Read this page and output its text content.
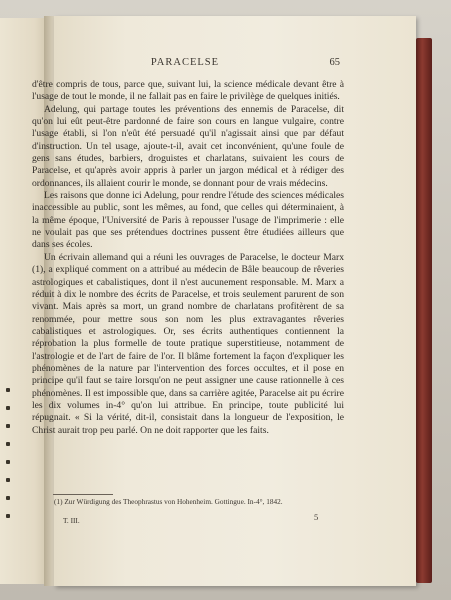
PARACELSE	65

d'être compris de tous, parce que, suivant lui, la science médicale devant être à l'usage de tout le monde, il ne fallait pas en faire le privilège de quelques initiés.

Adelung, qui partage toutes les préventions des ennemis de Paracelse, dit qu'on lui eût peut-être pardonné de faire son cours en langue vulgaire, contre l'usage établi, si l'on n'eût été persuadé qu'il n'agissait ainsi que par défaut d'instruction. Un tel usage, ajoute-t-il, avait cet inconvénient, qu'une foule de gens sans études, barbiers, droguistes et charlatans, suivaient les cours de Paracelse, et qu'après avoir appris à parler un jargon médical et à rédiger des ordonnances, ils allaient courir le monde, se donnant pour de vrais médecins.

Les raisons que donne ici Adelung, pour rendre l'étude des sciences médicales inaccessible au public, sont les mêmes, au fond, que celles qui déterminaient, à la même époque, l'Université de Paris à repousser l'usage de l'imprimerie : elle ne voulait pas que ses prétendues doctrines pussent être étudiées ailleurs que dans ses écoles.

Un écrivain allemand qui a réuni les ouvrages de Paracelse, le docteur Marx (1), a expliqué comment on a attribué au médecin de Bâle beaucoup de rêveries astrologiques et cabalistiques, dont il n'est aucunement responsable. M. Marx a réduit à dix le nombre des écrits de Paracelse, et trois seulement parurent de son vivant. Mais après sa mort, un grand nombre de charlatans profitèrent de sa renommée, pour mettre sous son nom les plus extravagantes rêveries cabalistiques et astrologiques. Or, ses écrits authentiques contiennent la réprobation la plus formelle de toute pratique superstitieuse, notamment de l'astrologie et de l'art de faire de l'or. Il blâme fortement la façon d'expliquer les phénomènes de la nature par l'intervention des forces occultes, et il pose en principe qu'il faut se taire lorsqu'on ne peut assigner une cause rationnelle à ces phénomènes. Il est impossible que, dans sa carrière agitée, Paracelse ait pu écrire les dix volumes in-4° qu'on lui attribue. En principe, toute publicité lui répugnait. « Si la vérité, dit-il, consistait dans la longueur de l'exposition, le Christ aurait trop peu parlé. On ne doit rapporter que les faits.

(1) Zur Würdigung des Theophrastus von Hohenheim. Gottingue. In-4°, 1842.
T. III.	5
